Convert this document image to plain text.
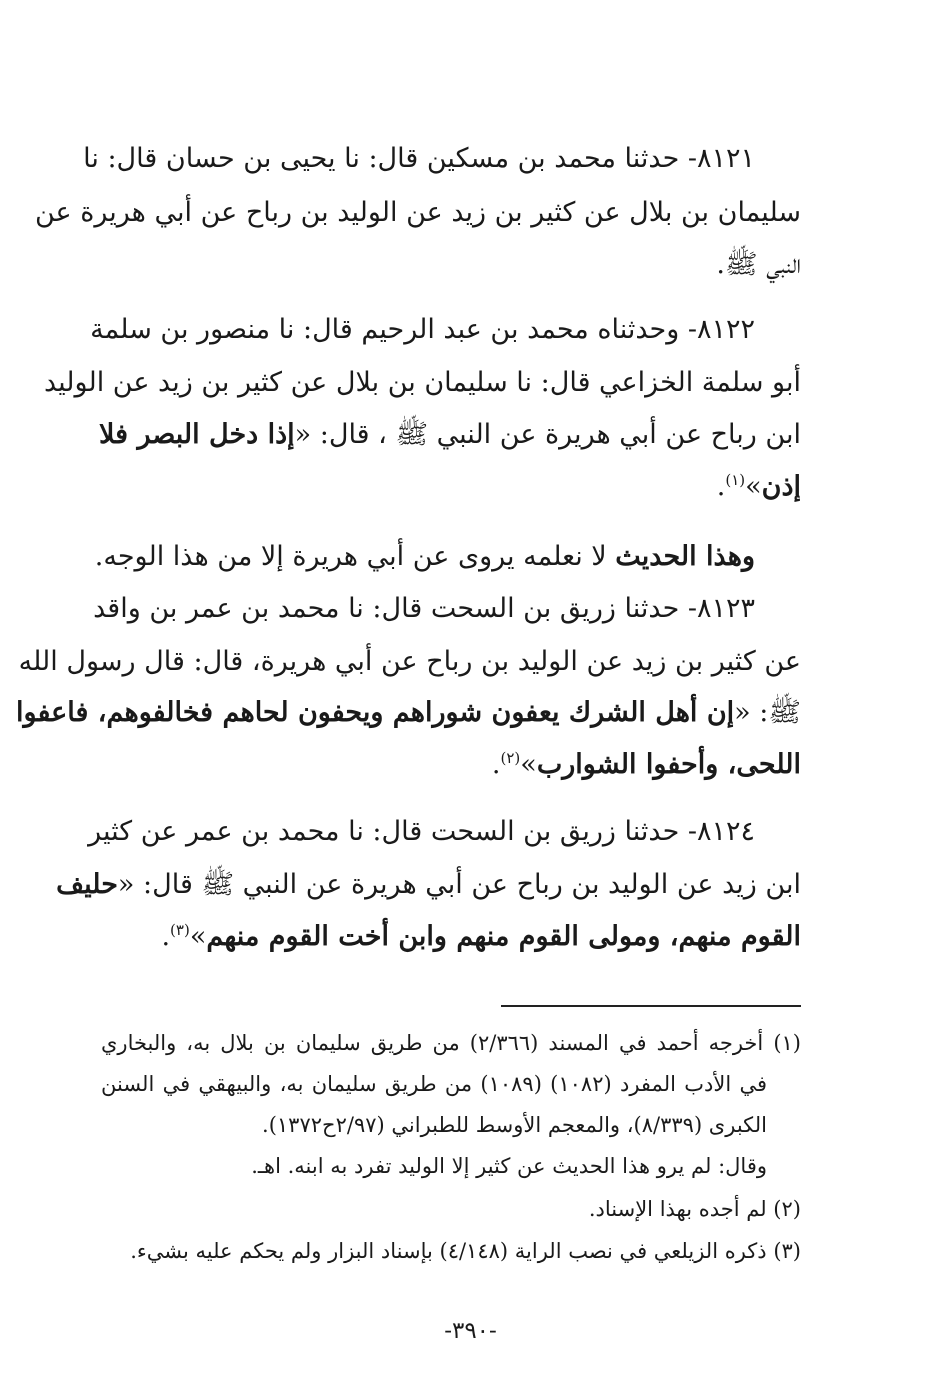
٨١٢١- حدثنا محمد بن مسكين قال: نا يحيى بن حسان قال: نا
سليمان بن بلال عن كثير بن زيد عن الوليد بن رباح عن أبي هريرة عن
النبي ﷺ.
٨١٢٢- وحدثناه محمد بن عبد الرحيم قال: نا منصور بن سلمة
أبو سلمة الخزاعي قال: نا سليمان بن بلال عن كثير بن زيد عن الوليد
ابن رباح عن أبي هريرة عن النبي ﷺ ، قال: «إذا دخل البصر فلا
إذن»$^{(١)}$.
وهذا الحديث لا نعلمه يروى عن أبي هريرة إلا من هذا الوجه.
٨١٢٣- حدثنا زريق بن السحت قال: نا محمد بن عمر بن واقد
عن كثير بن زيد عن الوليد بن رباح عن أبي هريرة، قال: قال رسول الله
ﷺ: «إن أهل الشرك يعفون شوراهم ويحفون لحاهم فخالفوهم، فاعفوا
اللحى، وأحفوا الشوارب»$^{(٢)}$.
٨١٢٤- حدثنا زريق بن السحت قال: نا محمد بن عمر عن كثير
ابن زيد عن الوليد بن رباح عن أبي هريرة عن النبي ﷺ قال: «حليف
القوم منهم، ومولى القوم منهم وابن أخت القوم منهم»$^{(٣)}$.
(١) أخرجه أحمد في المسند (٢/٣٦٦) من طريق سليمان بن بلال به، والبخاري
في الأدب المفرد (١٠٨٢) (١٠٨٩) من طريق سليمان به، والبيهقي في السنن
الكبرى (٨/٣٣٩)، والمعجم الأوسط للطبراني (٢/٩٧ح١٣٧٢).
وقال: لم يرو هذا الحديث عن كثير إلا الوليد تفرد به ابنه. اهـ.
(٢) لم أجده بهذا الإسناد.
(٣) ذكره الزيلعي في نصب الراية (٤/١٤٨) بإسناد البزار ولم يحكم عليه بشيء.
-٣٩٠-
